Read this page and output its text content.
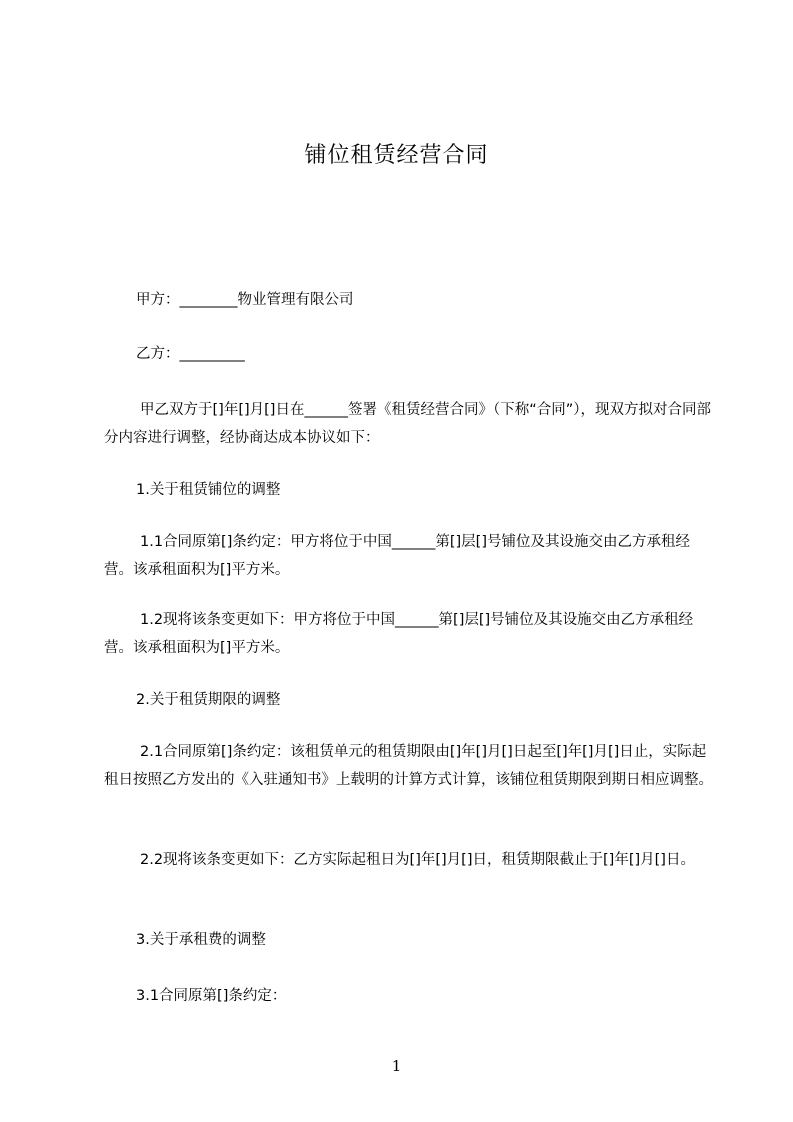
铺位租赁经营合同
甲方：________物业管理有限公司
乙方：_________
甲乙双方于[]年[]月[]日在______签署《租赁经营合同》（下称“合同”），现双方拟对合同部分内容进行调整，经协商达成本协议如下：
1.关于租赁铺位的调整
1.1合同原第[]条约定：甲方将位于中国______第[]层[]号铺位及其设施交由乙方承租经营。该承租面积为[]平方米。
1.2现将该条变更如下：甲方将位于中国______第[]层[]号铺位及其设施交由乙方承租经营。该承租面积为[]平方米。
2.关于租赁期限的调整
2.1合同原第[]条约定：该租赁单元的租赁期限由[]年[]月[]日起至[]年[]月[]日止，实际起租日按照乙方发出的《入驻通知书》上载明的计算方式计算，该铺位租赁期限到期日相应调整。
2.2现将该条变更如下：乙方实际起租日为[]年[]月[]日，租赁期限截止于[]年[]月[]日。
3.关于承租费的调整
3.1合同原第[]条约定：
1
